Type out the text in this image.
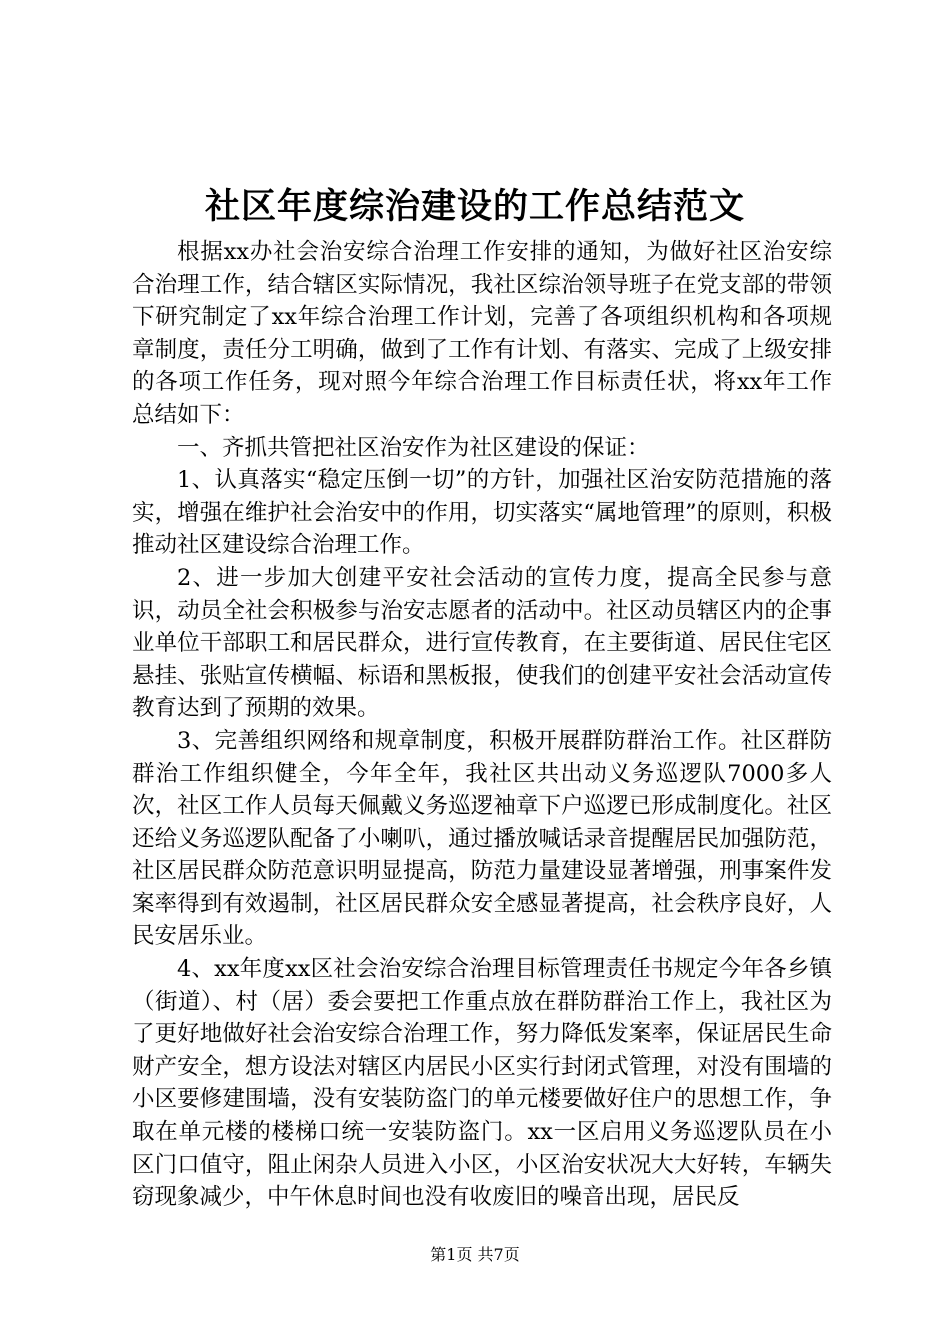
社区年度综治建设的工作总结范文

根据xx办社会治安综合治理工作安排的通知，为做好社区治安综合治理工作，结合辖区实际情况，我社区综治领导班子在党支部的带领下研究制定了xx年综合治理工作计划，完善了各项组织机构和各项规章制度，责任分工明确，做到了工作有计划、有落实、完成了上级安排的各项工作任务，现对照今年综合治理工作目标责任状，将xx年工作总结如下：

一、齐抓共管把社区治安作为社区建设的保证：

1、认真落实“稳定压倒一切”的方针，加强社区治安防范措施的落实，增强在维护社会治安中的作用，切实落实“属地管理”的原则，积极推动社区建设综合治理工作。

2、进一步加大创建平安社会活动的宣传力度，提高全民参与意识，动员全社会积极参与治安志愿者的活动中。社区动员辖区内的企事业单位干部职工和居民群众，进行宣传教育，在主要街道、居民住宅区悬挂、张贴宣传横幅、标语和黑板报，使我们的创建平安社会活动宣传教育达到了预期的效果。

3、完善组织网络和规章制度，积极开展群防群治工作。社区群防群治工作组织健全，今年全年，我社区共出动义务巡逻队7000多人次，社区工作人员每天佩戴义务巡逻袖章下户巡逻已形成制度化。社区还给义务巡逻队配备了小喇叭，通过播放喊话录音提醒居民加强防范，社区居民群众防范意识明显提高，防范力量建设显著增强，刑事案件发案率得到有效遏制，社区居民群众安全感显著提高，社会秩序良好，人民安居乐业。

4、xx年度xx区社会治安综合治理目标管理责任书规定今年各乡镇（街道）、村（居）委会要把工作重点放在群防群治工作上，我社区为了更好地做好社会治安综合治理工作，努力降低发案率，保证居民生命财产安全，想方设法对辖区内居民小区实行封闭式管理，对没有围墙的小区要修建围墙，没有安装防盗门的单元楼要做好住户的思想工作，争取在单元楼的楼梯口统一安装防盗门。xx一区启用义务巡逻队员在小区门口值守，阻止闲杂人员进入小区，小区治安状况大大好转，车辆失窃现象减少，中午休息时间也没有收废旧的噪音出现，居民反

第1页 共7页
